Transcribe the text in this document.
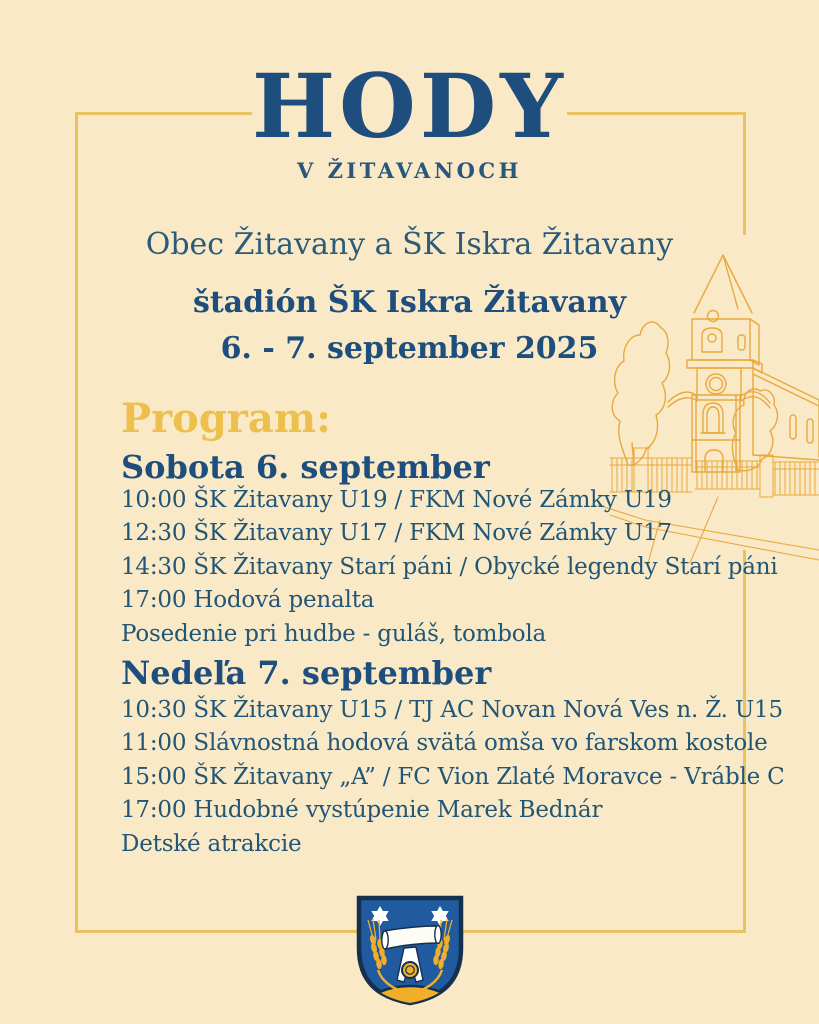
HODY
V ŽITAVANOCH
Obec Žitavany a ŠK Iskra Žitavany
štadión ŠK Iskra Žitavany
6. - 7. september 2025
Program:
Sobota 6. september
10:00 ŠK Žitavany U19 / FKM Nové Zámky U19
12:30 ŠK Žitavany U17 / FKM Nové Zámky U17
14:30 ŠK Žitavany Starí páni / Obycké legendy Starí páni
17:00 Hodová penalta
Posedenie pri hudbe - guláš, tombola
Nedeľa 7. september
10:30 ŠK Žitavany U15 / TJ AC Novan Nová Ves n. Ž. U15
11:00 Slávnostná hodová svätá omša vo farskom kostole
15:00 ŠK Žitavany „A” / FC Vion Zlaté Moravce - Vráble C
17:00 Hudobné vystúpenie Marek Bednár
Detské atrakcie
